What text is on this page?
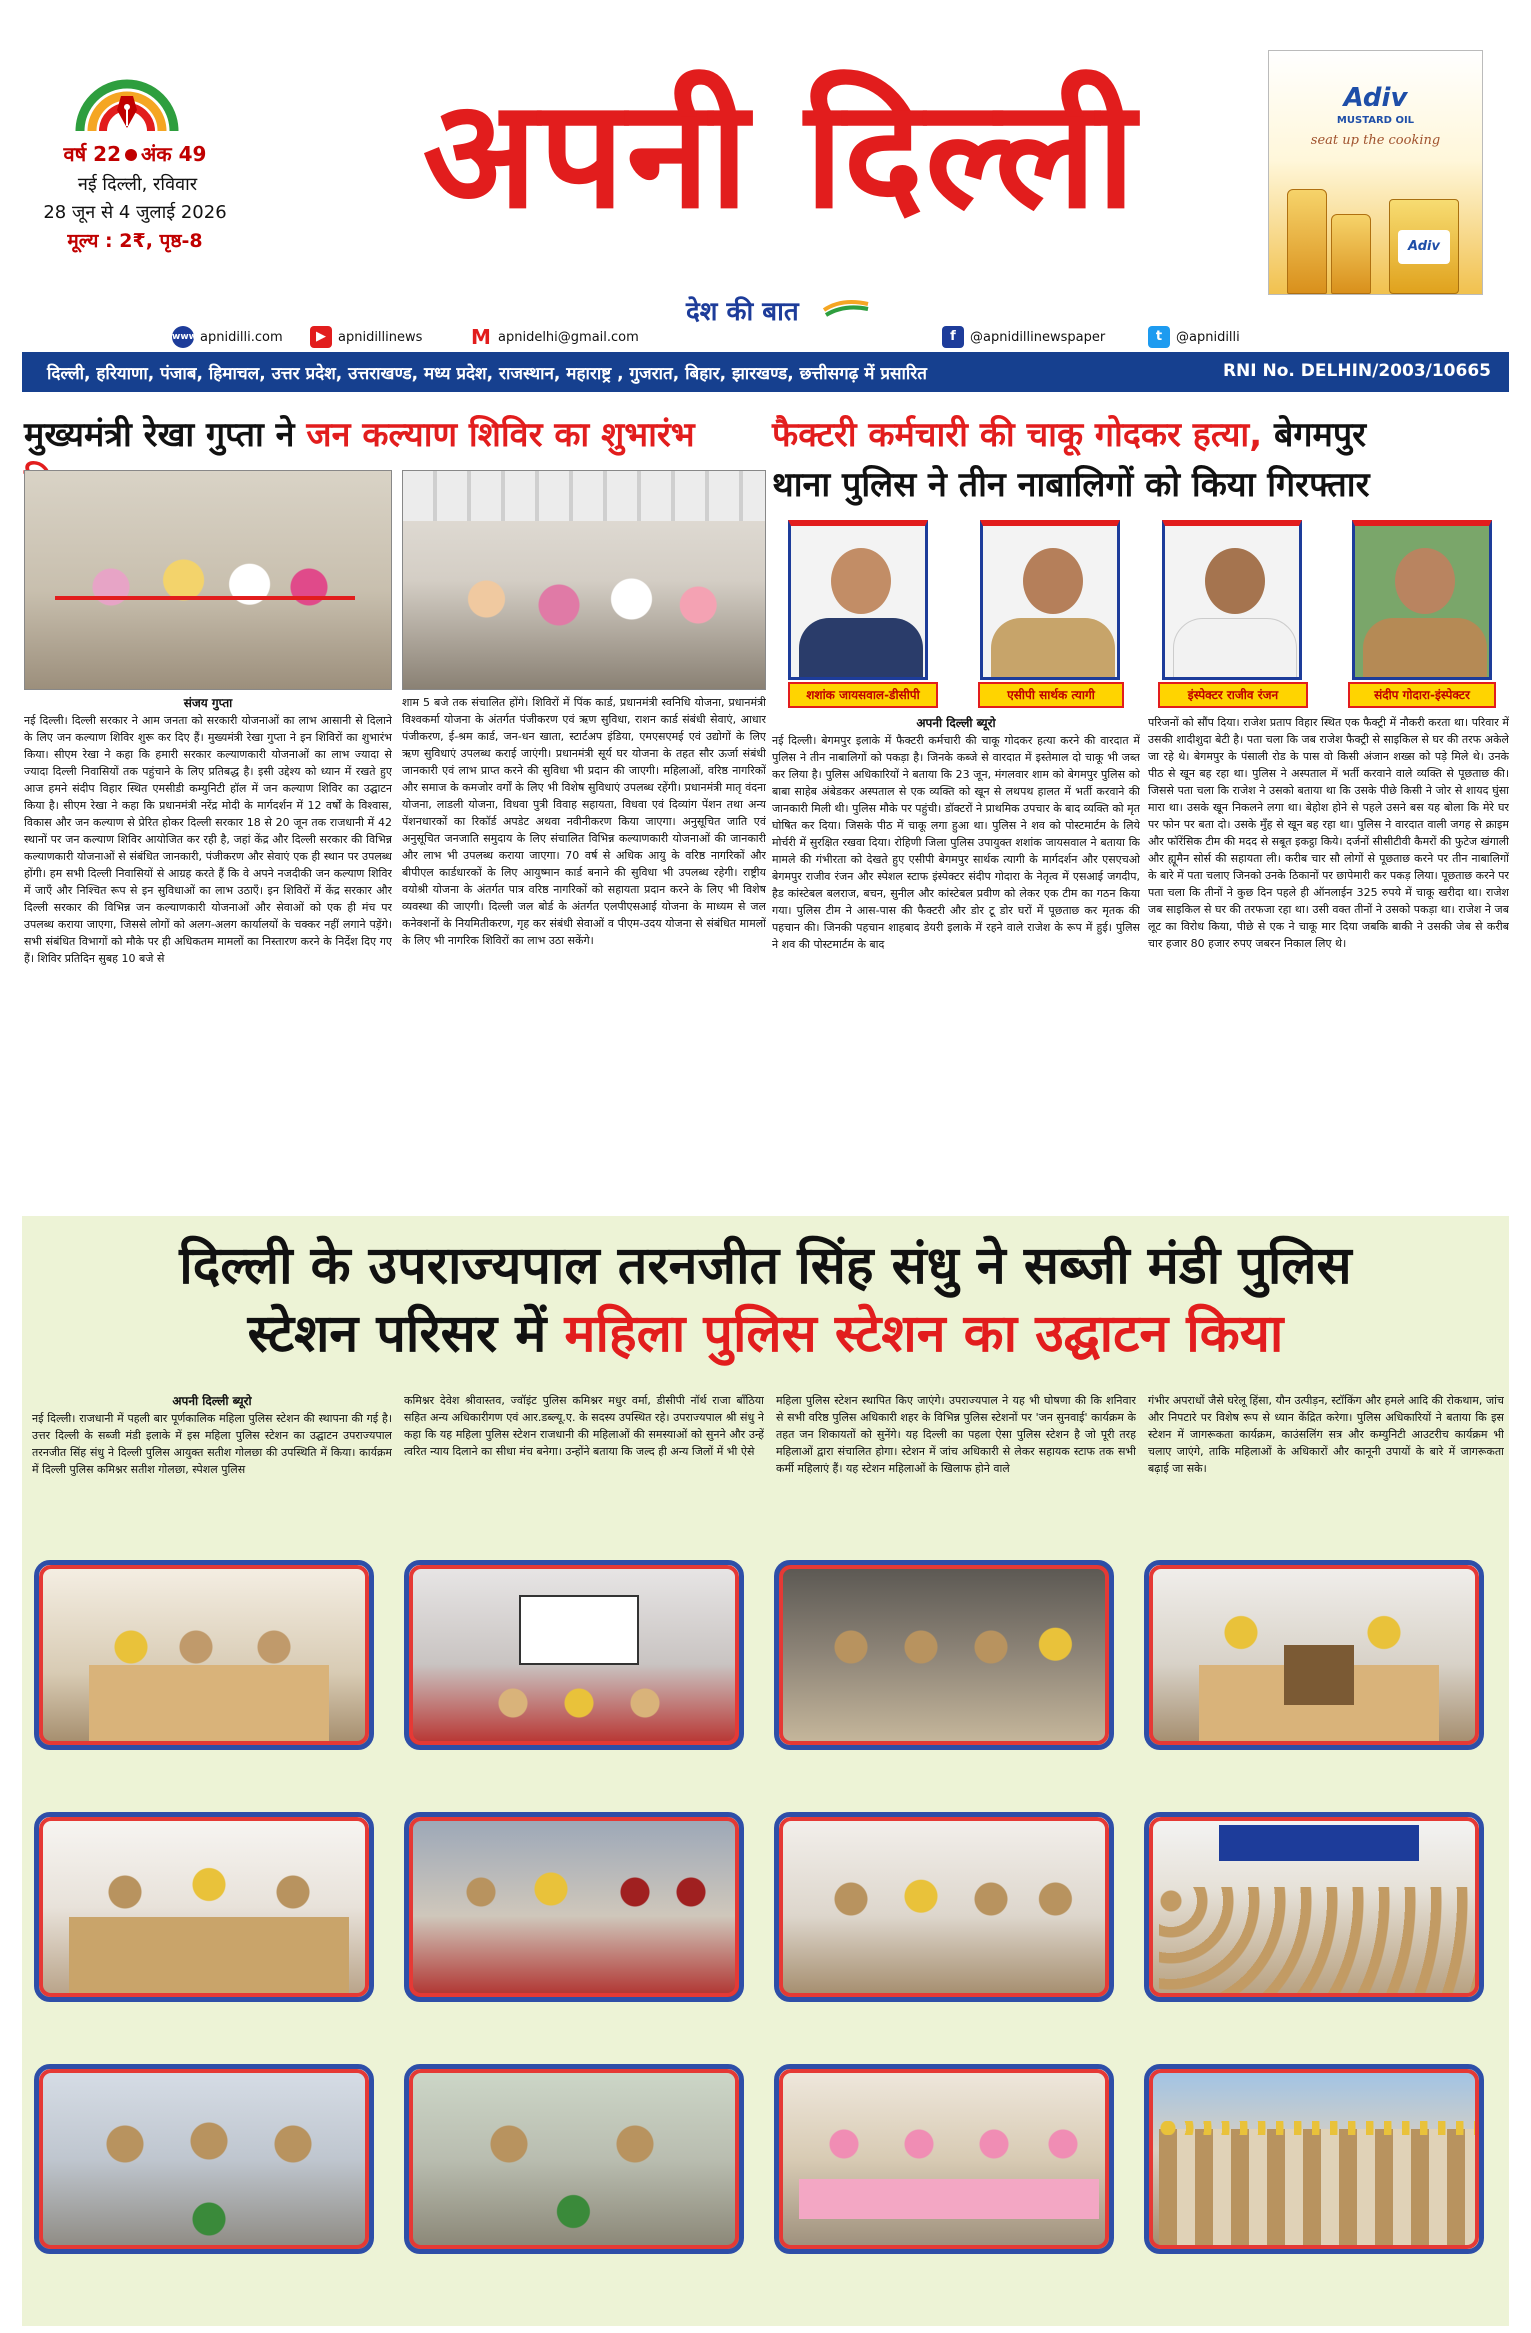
वर्ष 22 अंक 49
नई दिल्ली, रविवार
28 जून से 4 जुलाई 2026
मूल्य : 2₹, पृष्ठ-8	अपनी दिल्ली
देश की बात
Adiv
MUSTARD OIL
seat up the cooking
Adiv
www apnidilli.com	▶ apnidillinews M apnidelhi@gmail.com	f	@apnidillinewspaper	t	@apnidilli
दिल्ली, हरियाणा, पंजाब, हिमाचल, उत्तर प्रदेश, उत्तराखण्ड, मध्य प्रदेश, राजस्थान, महाराष्ट्र , गुजरात, बिहार, झारखण्ड, छत्तीसगढ़ में प्रसारित	RNI No. DELHIN/2003/10665
मुख्यमंत्री रेखा गुप्ता ने जन कल्याण शिविर का शुभारंभ
संजय गुप्ता
नई दिल्ली। दिल्ली सरकार ने आम जनता को सरकारी योजनाओं का लाभ आसानी से दिलाने के लिए जन कल्याण शिविर शुरू कर दिए हैं। मुख्यमंत्री रेखा गुप्ता ने इन शिविरों का शुभारंभ किया। सीएम रेखा ने कहा कि हमारी सरकार कल्याणकारी योजनाओं का लाभ ज्यादा से ज्यादा दिल्ली निवासियों तक पहुंचाने के लिए प्रतिबद्ध है। इसी उद्देश्य को ध्यान में रखते हुए आज हमने संदीप विहार स्थित एमसीडी कम्युनिटी हॉल में जन कल्याण शिविर का उद्घाटन किया है। सीएम रेखा ने कहा कि प्रधानमंत्री नरेंद्र मोदी के मार्गदर्शन में 12 वर्षों के विश्वास, विकास और जन कल्याण से प्रेरित होकर दिल्ली सरकार 18 से 20 जून तक राजधानी में 42 स्थानों पर जन कल्याण शिविर आयोजित कर रही है, जहां केंद्र और दिल्ली सरकार की विभिन्न कल्याणकारी योजनाओं से संबंधित जानकारी, पंजीकरण और सेवाएं एक ही स्थान पर उपलब्ध होंगी। हम सभी दिल्ली निवासियों से आग्रह करते हैं कि वे अपने नजदीकी जन कल्याण शिविर में जाएँ और निश्चित रूप से इन सुविधाओं का लाभ उठाएँ। इन शिविरों में केंद्र सरकार और दिल्ली सरकार की विभिन्न जन कल्याणकारी योजनाओं और सेवाओं को एक ही मंच पर उपलब्ध कराया जाएगा, जिससे लोगों को अलग-अलग कार्यालयों के चक्कर नहीं लगाने पड़ेंगे। सभी संबंधित विभागों को मौके पर ही अधिकतम मामलों का निस्तारण करने के निर्देश दिए गए हैं। शिविर प्रतिदिन सुबह 10 बजे से
शाम 5 बजे तक संचालित होंगे। शिविरों में पिंक कार्ड, प्रधानमंत्री स्वनिधि योजना, प्रधानमंत्री विश्वकर्मा योजना के अंतर्गत पंजीकरण एवं ऋण सुविधा, राशन कार्ड संबंधी सेवाएं, आधार पंजीकरण, ई-श्रम कार्ड, जन-धन खाता, स्टार्टअप इंडिया, एमएसएमई एवं उद्योगों के लिए ऋण सुविधाएं उपलब्ध कराई जाएंगी। प्रधानमंत्री सूर्य घर योजना के तहत सौर ऊर्जा संबंधी जानकारी एवं लाभ प्राप्त करने की सुविधा भी प्रदान की जाएगी। महिलाओं, वरिष्ठ नागरिकों और समाज के कमजोर वर्गों के लिए भी विशेष सुविधाएं उपलब्ध रहेंगी। प्रधानमंत्री मातृ वंदना योजना, लाडली योजना, विधवा पुत्री विवाह सहायता, विधवा एवं दिव्यांग पेंशन तथा अन्य पेंशनधारकों का रिकॉर्ड अपडेट अथवा नवीनीकरण किया जाएगा। अनुसूचित जाति एवं अनुसूचित जनजाति समुदाय के लिए संचालित विभिन्न कल्याणकारी योजनाओं की जानकारी और लाभ भी उपलब्ध कराया जाएगा। 70 वर्ष से अधिक आयु के वरिष्ठ नागरिकों और बीपीएल कार्डधारकों के लिए आयुष्मान कार्ड बनाने की सुविधा भी उपलब्ध रहेगी। राष्ट्रीय वयोश्री योजना के अंतर्गत पात्र वरिष्ठ नागरिकों को सहायता प्रदान करने के लिए भी विशेष व्यवस्था की जाएगी। दिल्ली जल बोर्ड के अंतर्गत एलपीएसआई योजना के माध्यम से जल कनेक्शनों के नियमितीकरण, गृह कर संबंधी सेवाओं व पीएम-उदय योजना से संबंधित मामलों के लिए भी नागरिक शिविरों का लाभ उठा सकेंगे।
फैक्टरी कर्मचारी की चाकू गोदकर हत्या, बेगमपुर
थाना पुलिस ने तीन नाबालिगों को किया गिरफ्तार
शशांक जायसवाल-डीसीपी	एसीपी सार्थक त्यागी	इंस्पेक्टर राजीव रंजन	संदीप गोदारा-इंस्पेक्टर
अपनी दिल्ली ब्यूरो
नई दिल्ली। बेगमपुर इलाके में फैक्टरी कर्मचारी की चाकू गोदकर हत्या करने की वारदात में पुलिस ने तीन नाबालिगों को पकड़ा है। जिनके कब्जे से वारदात में इस्तेमाल दो चाकू भी जब्त कर लिया है। पुलिस अधिकारियों ने बताया कि 23 जून, मंगलवार शाम को बेगमपुर पुलिस को बाबा साहेब अंबेडकर अस्पताल से एक व्यक्ति को खून से लथपथ हालत में भर्ती करवाने की जानकारी मिली थी। पुलिस मौके पर पहुंची। डॉक्टरों ने प्राथमिक उपचार के बाद व्यक्ति को मृत घोषित कर दिया। जिसके पीठ में चाकू लगा हुआ था। पुलिस ने शव को पोस्टमार्टम के लिये मोर्चरी में सुरक्षित रखवा दिया। रोहिणी जिला पुलिस उपायुक्त शशांक जायसवाल ने बताया कि मामले की गंभीरता को देखते हुए एसीपी बेगमपुर सार्थक त्यागी के मार्गदर्शन और एसएचओ बेगमपुर राजीव रंजन और स्पेशल स्टाफ इंस्पेक्टर संदीप गोदारा के नेतृत्व में एसआई जगदीप, हैड कांस्टेबल बलराज, बचन, सुनील और कांस्टेबल प्रवीण को लेकर एक टीम का गठन किया गया। पुलिस टीम ने आस-पास की फैक्टरी और डोर टू डोर घरों में पूछताछ कर मृतक की पहचान की। जिनकी पहचान शाहबाद डेयरी इलाके में रहने वाले राजेश के रूप में हुई। पुलिस ने शव की पोस्टमार्टम के बाद
परिजनों को सौंप दिया। राजेश प्रताप विहार स्थित एक फैक्ट्री में नौकरी करता था। परिवार में उसकी शादीशुदा बेटी है। पता चला कि जब राजेश फैक्ट्री से साइकिल से घर की तरफ अकेले जा रहे थे। बेगमपुर के पंसाली रोड के पास वो किसी अंजान शख्स को पड़े मिले थे। उनके पीठ से खून बह रहा था। पुलिस ने अस्पताल में भर्ती करवाने वाले व्यक्ति से पूछताछ की। जिससे पता चला कि राजेश ने उसको बताया था कि उसके पीछे किसी ने जोर से शायद घुंसा मारा था। उसके खून निकलने लगा था। बेहोश होने से पहले उसने बस यह बोला कि मेरे घर पर फोन पर बता दो। उसके मुँह से खून बह रहा था। पुलिस ने वारदात वाली जगह से क्राइम और फॉरेंसिक टीम की मदद से सबूत इकट्ठा किये। दर्जनों सीसीटीवी कैमरों की फुटेज खंगाली और ह्यूमैन सोर्स की सहायता ली। करीब चार सौ लोगों से पूछताछ करने पर तीन नाबालिगों के बारे में पता चलाए जिनको उनके ठिकानों पर छापेमारी कर पकड़ लिया। पूछताछ करने पर पता चला कि तीनों ने कुछ दिन पहले ही ऑनलाईन 325 रुपये में चाकू खरीदा था। राजेश जब साइकिल से घर की तरफजा रहा था। उसी वक्त तीनों ने उसको पकड़ा था। राजेश ने जब लूट का विरोध किया, पीछे से एक ने चाकू मार दिया जबकि बाकी ने उसकी जेब से करीब चार हजार 80 हजार रुपए जबरन निकाल लिए थे।
दिल्ली के उपराज्यपाल तरनजीत सिंह संधु ने सब्जी मंडी पुलिस
स्टेशन परिसर में महिला पुलिस स्टेशन का उद्घाटन किया
अपनी दिल्ली ब्यूरो
नई दिल्ली। राजधानी में पहली बार पूर्णकालिक महिला पुलिस स्टेशन की स्थापना की गई है। उत्तर दिल्ली के सब्जी मंडी इलाके में इस महिला पुलिस स्टेशन का उद्घाटन उपराज्यपाल तरनजीत सिंह संधु ने दिल्ली पुलिस आयुक्त सतीश गोलछा की उपस्थिति में किया। कार्यक्रम में दिल्ली पुलिस कमिश्नर सतीश गोलछा, स्पेशल पुलिस
कमिश्नर देवेश श्रीवास्तव, ज्वॉइंट पुलिस कमिश्नर मधुर वर्मा, डीसीपी नॉर्थ राजा बाँठिया सहित अन्य अधिकारीगण एवं आर.डब्ल्यू.ए. के सदस्य उपस्थित रहे। उपराज्यपाल श्री संधु ने कहा कि यह महिला पुलिस स्टेशन राजधानी की महिलाओं की समस्याओं को सुनने और उन्हें त्वरित न्याय दिलाने का सीधा मंच बनेगा। उन्होंने बताया कि जल्द ही अन्य जिलों में भी ऐसे
महिला पुलिस स्टेशन स्थापित किए जाएंगे। उपराज्यपाल ने यह भी घोषणा की कि शनिवार से सभी वरिष्ठ पुलिस अधिकारी शहर के विभिन्न पुलिस स्टेशनों पर 'जन सुनवाई' कार्यक्रम के तहत जन शिकायतों को सुनेंगे। यह दिल्ली का पहला ऐसा पुलिस स्टेशन है जो पूरी तरह महिलाओं द्वारा संचालित होगा। स्टेशन में जांच अधिकारी से लेकर सहायक स्टाफ तक सभी कर्मी महिलाएं हैं। यह स्टेशन महिलाओं के खिलाफ होने वाले
गंभीर अपराधों जैसे घरेलू हिंसा, यौन उत्पीड़न, स्टॉकिंग और हमले आदि की रोकथाम, जांच और निपटारे पर विशेष रूप से ध्यान केंद्रित करेगा। पुलिस अधिकारियों ने बताया कि इस स्टेशन में जागरूकता कार्यक्रम, काउंसलिंग सत्र और कम्युनिटी आउटरीच कार्यक्रम भी चलाए जाएंगे, ताकि महिलाओं के अधिकारों और कानूनी उपायों के बारे में जागरूकता बढ़ाई जा सके।
